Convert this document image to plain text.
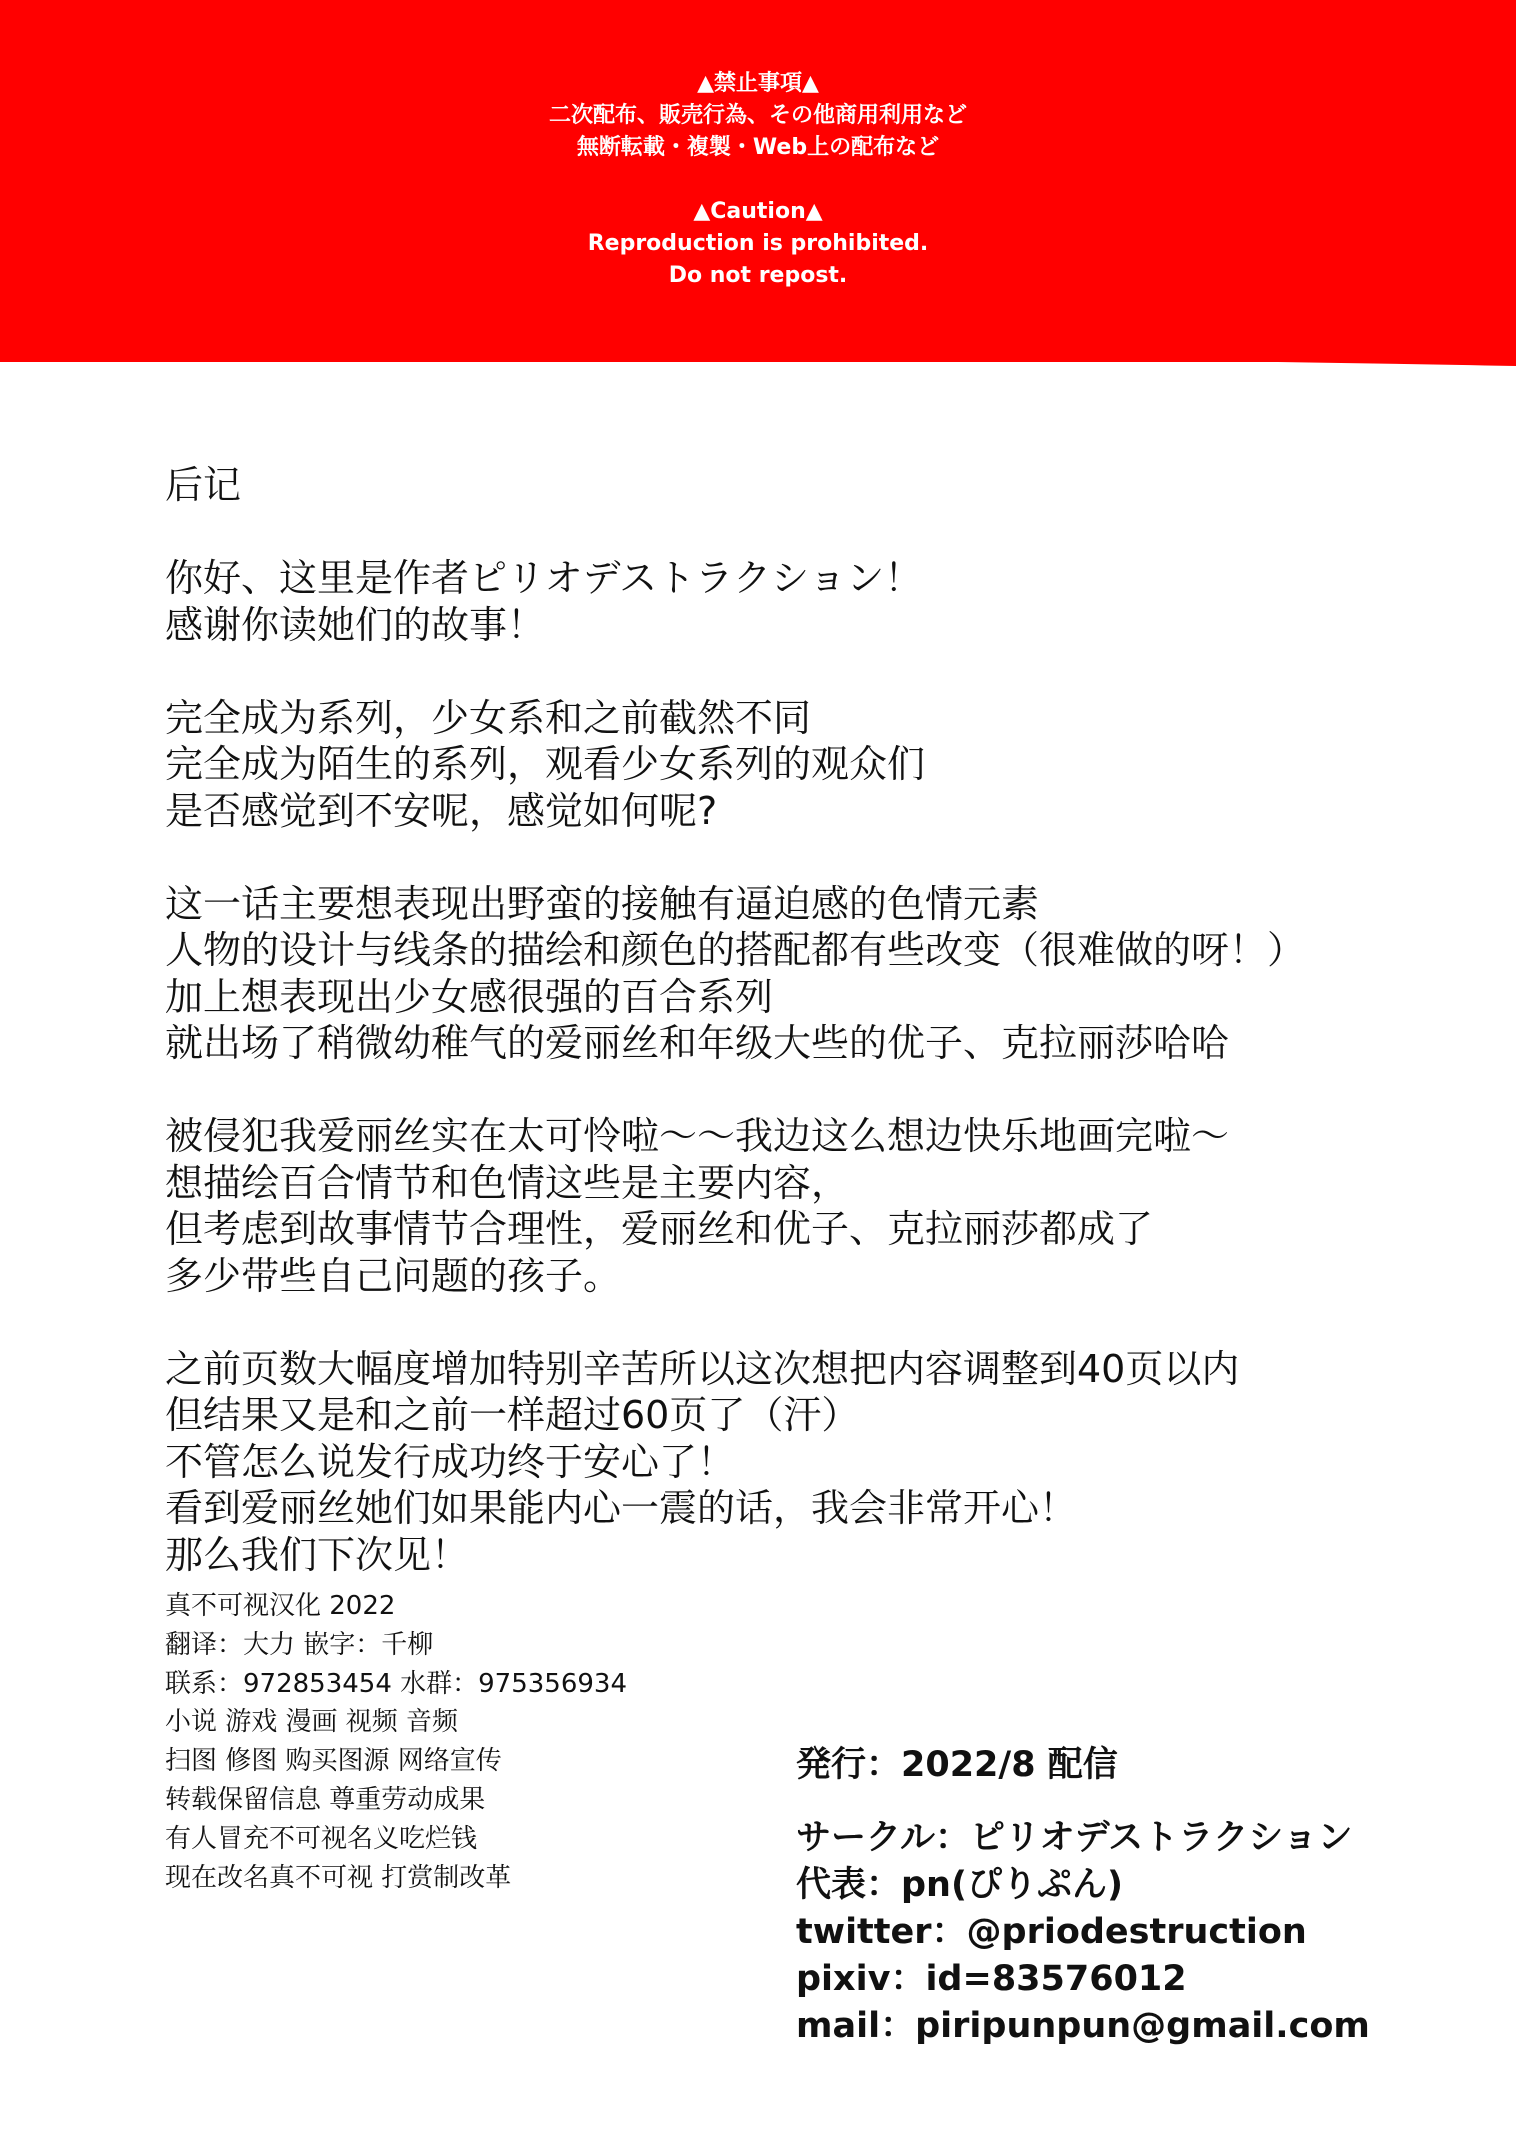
▲禁止事項▲
二次配布、販売行為、その他商用利用など
無断転載・複製・Web上の配布など
▲Caution▲
Reproduction is prohibited.
Do not repost.
后记
你好、这里是作者ピリオデストラクション！
感谢你读她们的故事！
完全成为系列，少女系和之前截然不同
完全成为陌生的系列，观看少女系列的观众们
是否感觉到不安呢，感觉如何呢?
这一话主要想表现出野蛮的接触有逼迫感的色情元素
人物的设计与线条的描绘和颜色的搭配都有些改变（很难做的呀！）
加上想表现出少女感很强的百合系列
就出场了稍微幼稚气的爱丽丝和年级大些的优子、克拉丽莎哈哈
被侵犯我爱丽丝实在太可怜啦～～我边这么想边快乐地画完啦～
想描绘百合情节和色情这些是主要内容，
但考虑到故事情节合理性，爱丽丝和优子、克拉丽莎都成了
多少带些自己问题的孩子。
之前页数大幅度增加特别辛苦所以这次想把内容调整到40页以内
但结果又是和之前一样超过60页了（汗）
不管怎么说发行成功终于安心了！
看到爱丽丝她们如果能内心一震的话，我会非常开心！
那么我们下次见！
真不可视汉化 2022
翻译：大力 嵌字：千柳
联系：972853454 水群：975356934
小说 游戏 漫画 视频 音频
扫图 修图 购买图源 网络宣传
转载保留信息 尊重劳动成果
有人冒充不可视名义吃烂钱
现在改名真不可视 打赏制改革
発行：2022/8 配信
サークル：ピリオデストラクション
代表：pn(ぴりぷん)
twitter：@priodestruction
pixiv：id=83576012
mail：piripunpun@gmail.com
